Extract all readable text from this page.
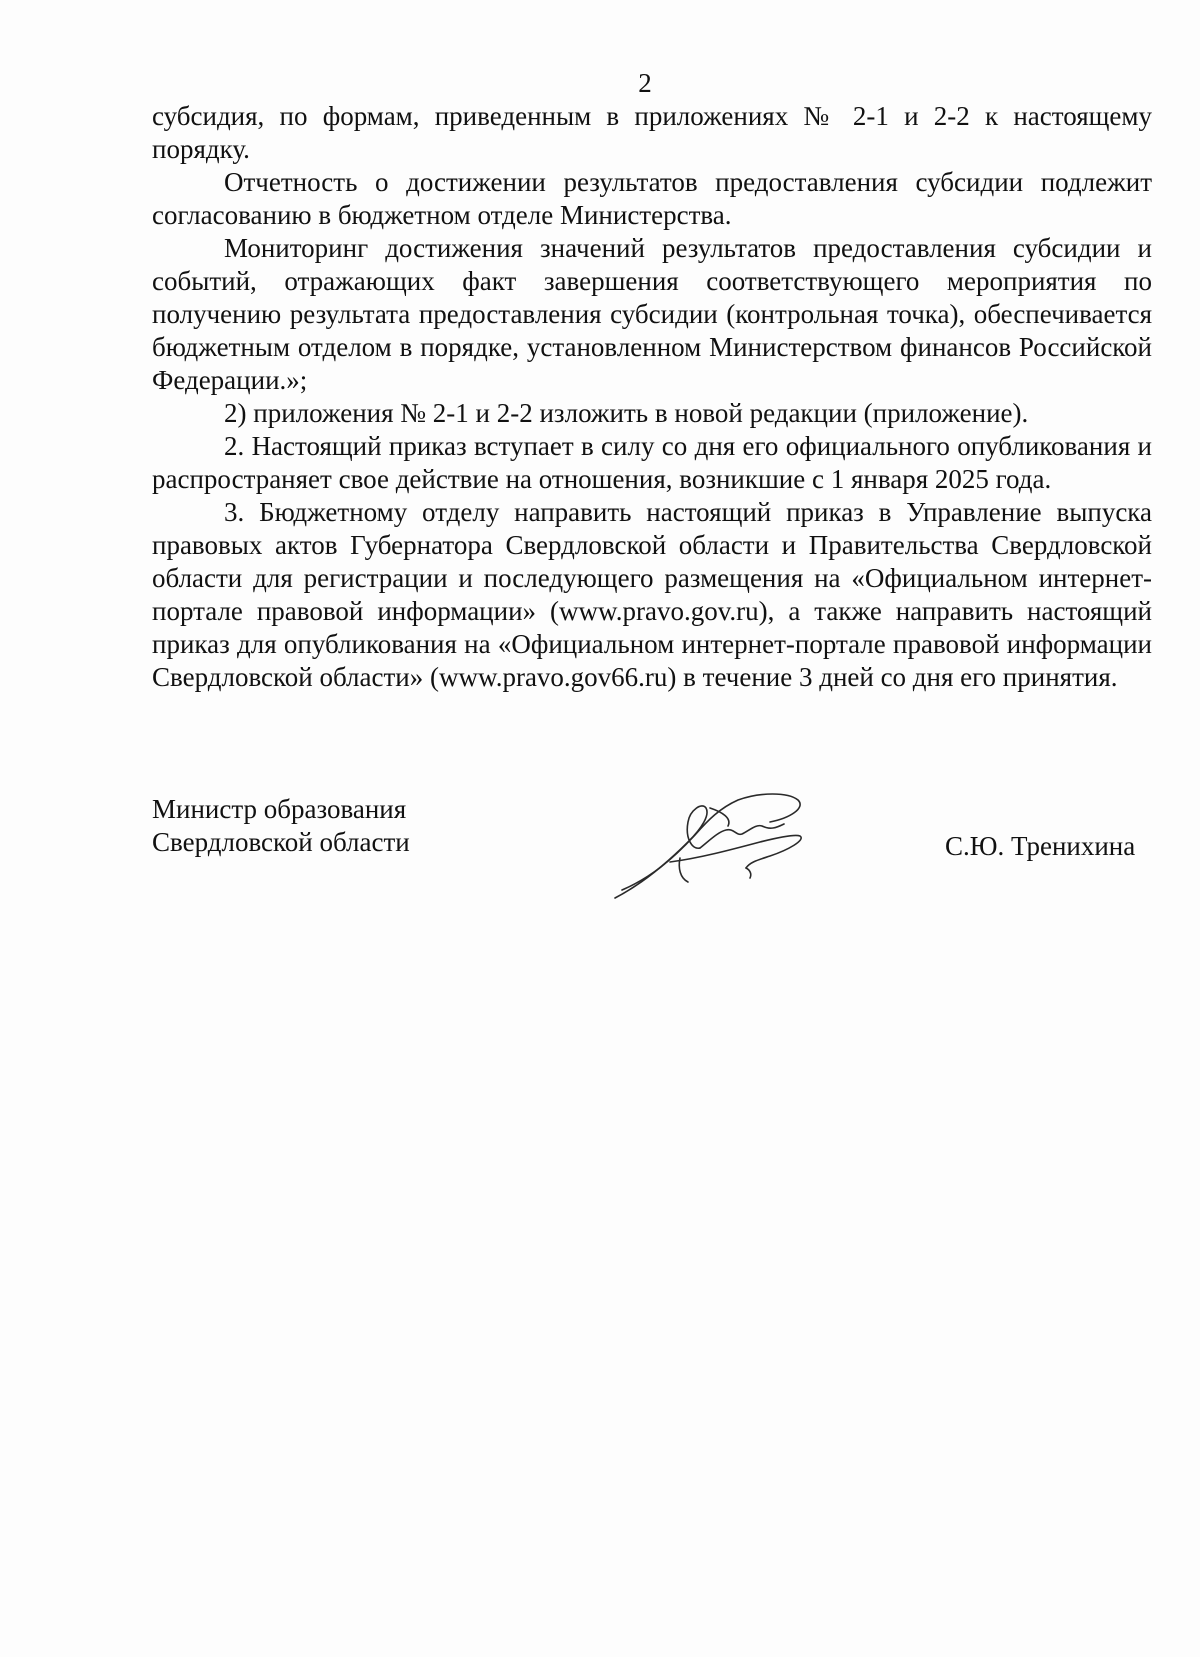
2

субсидия, по формам, приведенным в приложениях № 2-1 и 2-2 к настоящему порядку.

Отчетность о достижении результатов предоставления субсидии подлежит согласованию в бюджетном отделе Министерства.

Мониторинг достижения значений результатов предоставления субсидии и событий, отражающих факт завершения соответствующего мероприятия по получению результата предоставления субсидии (контрольная точка), обеспечивается бюджетным отделом в порядке, установленном Министерством финансов Российской Федерации.»;

2) приложения № 2-1 и 2-2 изложить в новой редакции (приложение).

2. Настоящий приказ вступает в силу со дня его официального опубликования и распространяет свое действие на отношения, возникшие с 1 января 2025 года.

3. Бюджетному отделу направить настоящий приказ в Управление выпуска правовых актов Губернатора Свердловской области и Правительства Свердловской области для регистрации и последующего размещения на «Официальном интернет-портале правовой информации» (www.pravo.gov.ru), а также направить настоящий приказ для опубликования на «Официальном интернет-портале правовой информации Свердловской области» (www.pravo.gov66.ru) в течение 3 дней со дня его принятия.

Министр образования
Свердловской области	С.Ю. Тренихина
